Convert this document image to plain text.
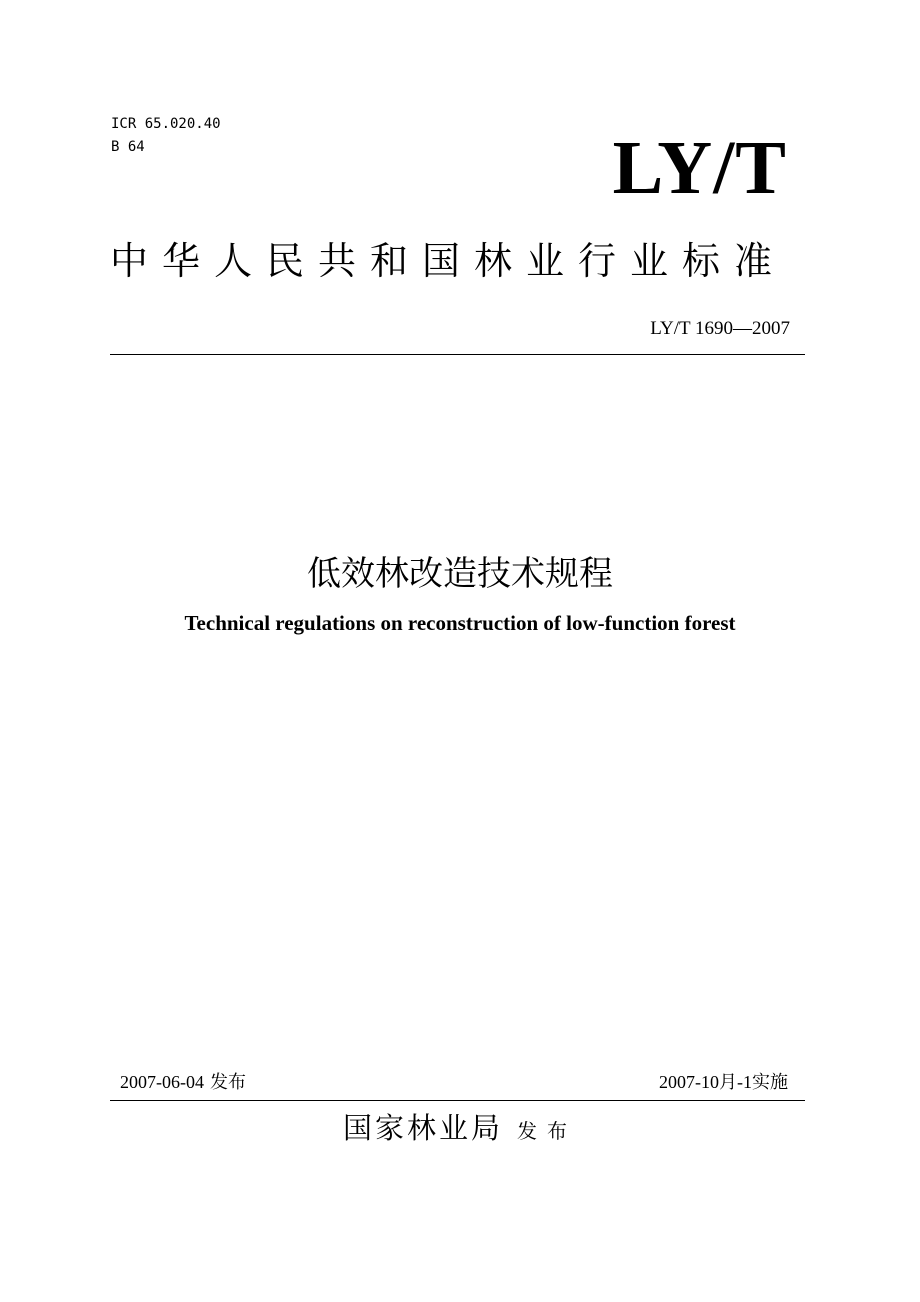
ICR 65.020.40
B 64	LY/T
中华人民共和国林业行业标准
LY/T 1690—2007
低效林改造技术规程
Technical regulations on reconstruction of low-function forest
2007-06-04 发布	2007-10月-1实施
国家林业局 发布
